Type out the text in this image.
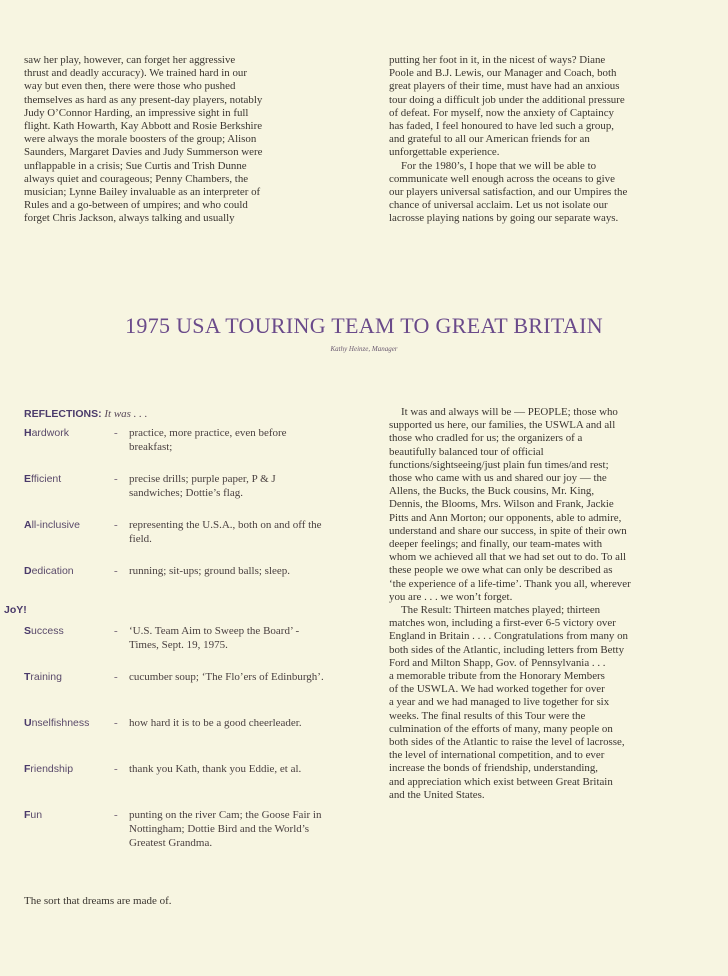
saw her play, however, can forget her aggressive

thrust and deadly accuracy). We trained hard in our

way but even then, there were those who pushed

themselves as hard as any present-day players, notably

Judy O’Connor Harding, an impressive sight in full

flight. Kath Howarth, Kay Abbott and Rosie Berkshire

were always the morale boosters of the group; Alison

Saunders, Margaret Davies and Judy Summerson were

unflappable in a crisis; Sue Curtis and Trish Dunne

always quiet and courageous; Penny Chambers, the

musician; Lynne Bailey invaluable as an interpreter of

Rules and a go-between of umpires; and who could

forget Chris Jackson, always talking and usually

putting her foot in it, in the nicest of ways? Diane

Poole and B.J. Lewis, our Manager and Coach, both

great players of their time, must have had an anxious

tour doing a difficult job under the additional pressure

of defeat. For myself, now the anxiety of Captaincy

has faded, I feel honoured to have led such a group,

and grateful to all our American friends for an

unforgettable experience.

For the 1980’s, I hope that we will be able to

communicate well enough across the oceans to give

our players universal satisfaction, and our Umpires the

chance of universal acclaim. Let us not isolate our

lacrosse playing nations by going our separate ways.

1975 USA TOURING TEAM TO GREAT BRITAIN
Kathy Heinze, Manager
REFLECTIONS: It was . . .
JoY!
Hardwork	- practice, more practice, even before breakfast;
Efficient	- precise drills; purple paper, P & J sandwiches; Dottie’s flag.
All-inclusive	- representing the U.S.A., both on and off the field.
Dedication	- running; sit-ups; ground balls; sleep.
Success	- ‘U.S. Team Aim to Sweep the Board’ - Times, Sept. 19, 1975.
Training	- cucumber soup; ‘The Flo’ers of Edinburgh’.
Unselfishness - how hard it is to be a good cheerleader.
Friendship	- thank you Kath, thank you Eddie, et al.
Fun	- punting on the river Cam; the Goose Fair in Nottingham; Dottie Bird and the World’s Greatest Grandma.

It was and always will be — PEOPLE; those who

supported us here, our families, the USWLA and all

those who cradled for us; the organizers of a

beautifully balanced tour of official

functions/sightseeing/just plain fun times/and rest;

those who came with us and shared our joy — the

Allens, the Bucks, the Buck cousins, Mr. King,

Dennis, the Blooms, Mrs. Wilson and Frank, Jackie

Pitts and Ann Morton; our opponents, able to admire,

understand and share our success, in spite of their own

deeper feelings; and finally, our team-mates with

whom we achieved all that we had set out to do. To all

these people we owe what can only be described as

‘the experience of a life-time’. Thank you all, wherever

you are . . . we won’t forget.

The Result: Thirteen matches played; thirteen

matches won, including a first-ever 6-5 victory over

England in Britain . . . . Congratulations from many on

both sides of the Atlantic, including letters from Betty

Ford and Milton Shapp, Gov. of Pennsylvania . . .

a memorable tribute from the Honorary Members

of the USWLA. We had worked together for over

a year and we had managed to live together for six

weeks. The final results of this Tour were the

culmination of the efforts of many, many people on

both sides of the Atlantic to raise the level of lacrosse,

the level of international competition, and to ever

increase the bonds of friendship, understanding,

and appreciation which exist between Great Britain

and the United States.

The sort that dreams are made of.
